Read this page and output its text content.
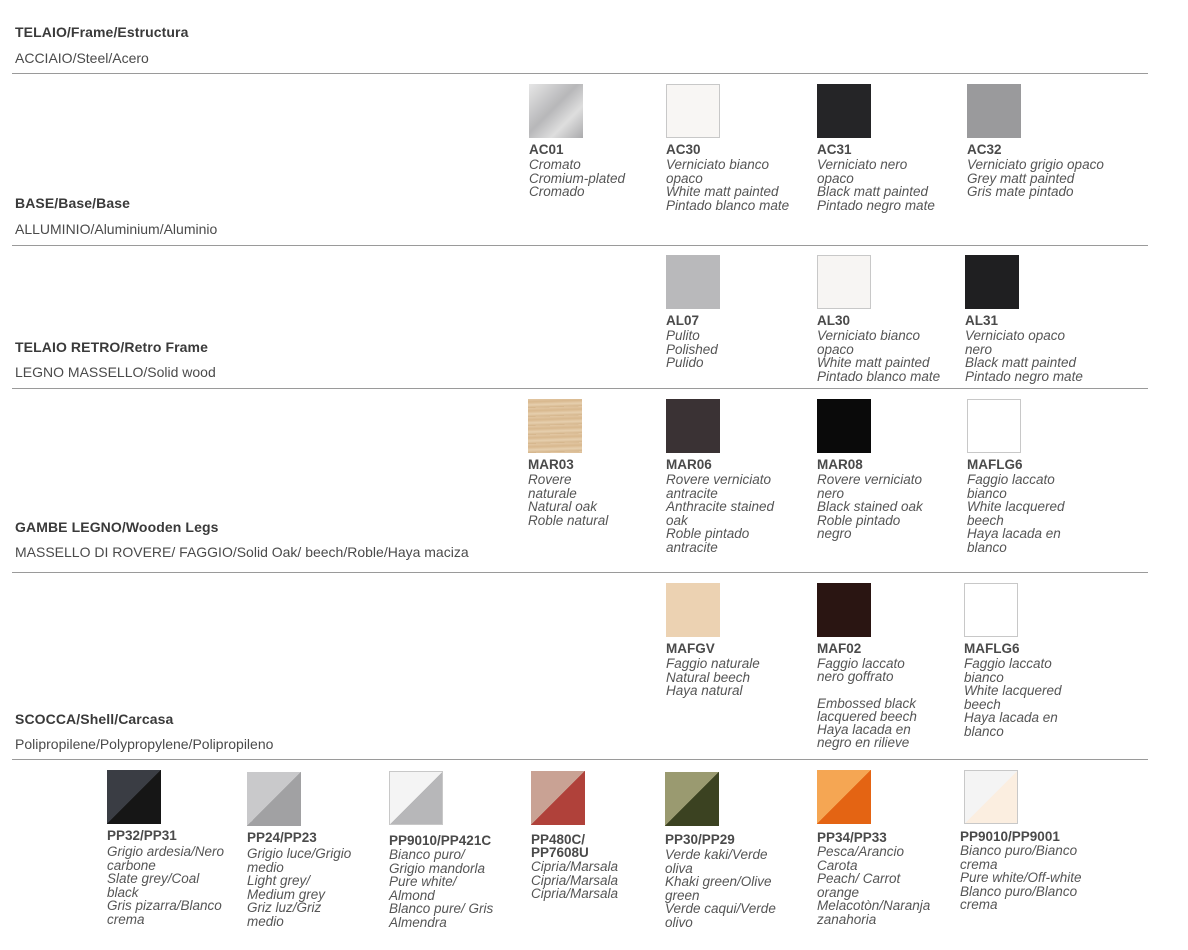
TELAIO/Frame/Estructura
ACCIAIO/Steel/Acero
BASE/Base/Base
ALLUMINIO/Aluminium/Aluminio
TELAIO RETRO/Retro Frame
LEGNO MASSELLO/Solid wood
GAMBE LEGNO/Wooden Legs
MASSELLO DI ROVERE/ FAGGIO/Solid Oak/ beech/Roble/Haya maciza
SCOCCA/Shell/Carcasa
Polipropilene/Polypropylene/Polipropileno
AC01
Cromato
Cromium-plated
Cromado
AC30
Verniciato bianco
opaco
White matt painted
Pintado blanco mate
AC31
Verniciato nero
opaco
Black matt painted
Pintado negro mate
AC32
Verniciato grigio opaco
Grey matt painted
Gris mate pintado
AL07
Pulito
Polished
Pulido
AL30
Verniciato bianco
opaco
White matt painted
Pintado blanco mate
AL31
Verniciato opaco
nero
Black matt painted
Pintado negro mate
MAR03
Rovere
naturale
Natural oak
Roble natural
MAR06
Rovere verniciato
antracite
Anthracite stained
oak
Roble pintado
antracite
MAR08
Rovere verniciato
nero
Black stained oak
Roble pintado
negro
MAFLG6
Faggio laccato
bianco
White lacquered
beech
Haya lacada en
blanco
MAFGV
Faggio naturale
Natural beech
Haya natural
MAF02
Faggio laccato
nero goffrato

Embossed black
lacquered beech
Haya lacada en
negro en rilieve
MAFLG6
Faggio laccato
bianco
White lacquered
beech
Haya lacada en
blanco
PP32/PP31
Grigio ardesia/Nero
carbone
Slate grey/Coal
black
Gris pizarra/Blanco
crema
PP24/PP23
Grigio luce/Grigio
medio
Light grey/
Medium grey
Griz luz/Griz
medio
PP9010/PP421C
Bianco puro/
Grigio mandorla
Pure white/
Almond
Blanco pure/ Gris
Almendra
PP480C/
PP7608U
Cipria/Marsala
Cipria/Marsala
Cipria/Marsala
PP30/PP29
Verde kaki/Verde
oliva
Khaki green/Olive
green
Verde caqui/Verde
olivo
PP34/PP33
Pesca/Arancio
Carota
Peach/ Carrot
orange
Melacotòn/Naranja
zanahoria
PP9010/PP9001
Bianco puro/Bianco
crema
Pure white/Off-white
Blanco puro/Blanco
crema
